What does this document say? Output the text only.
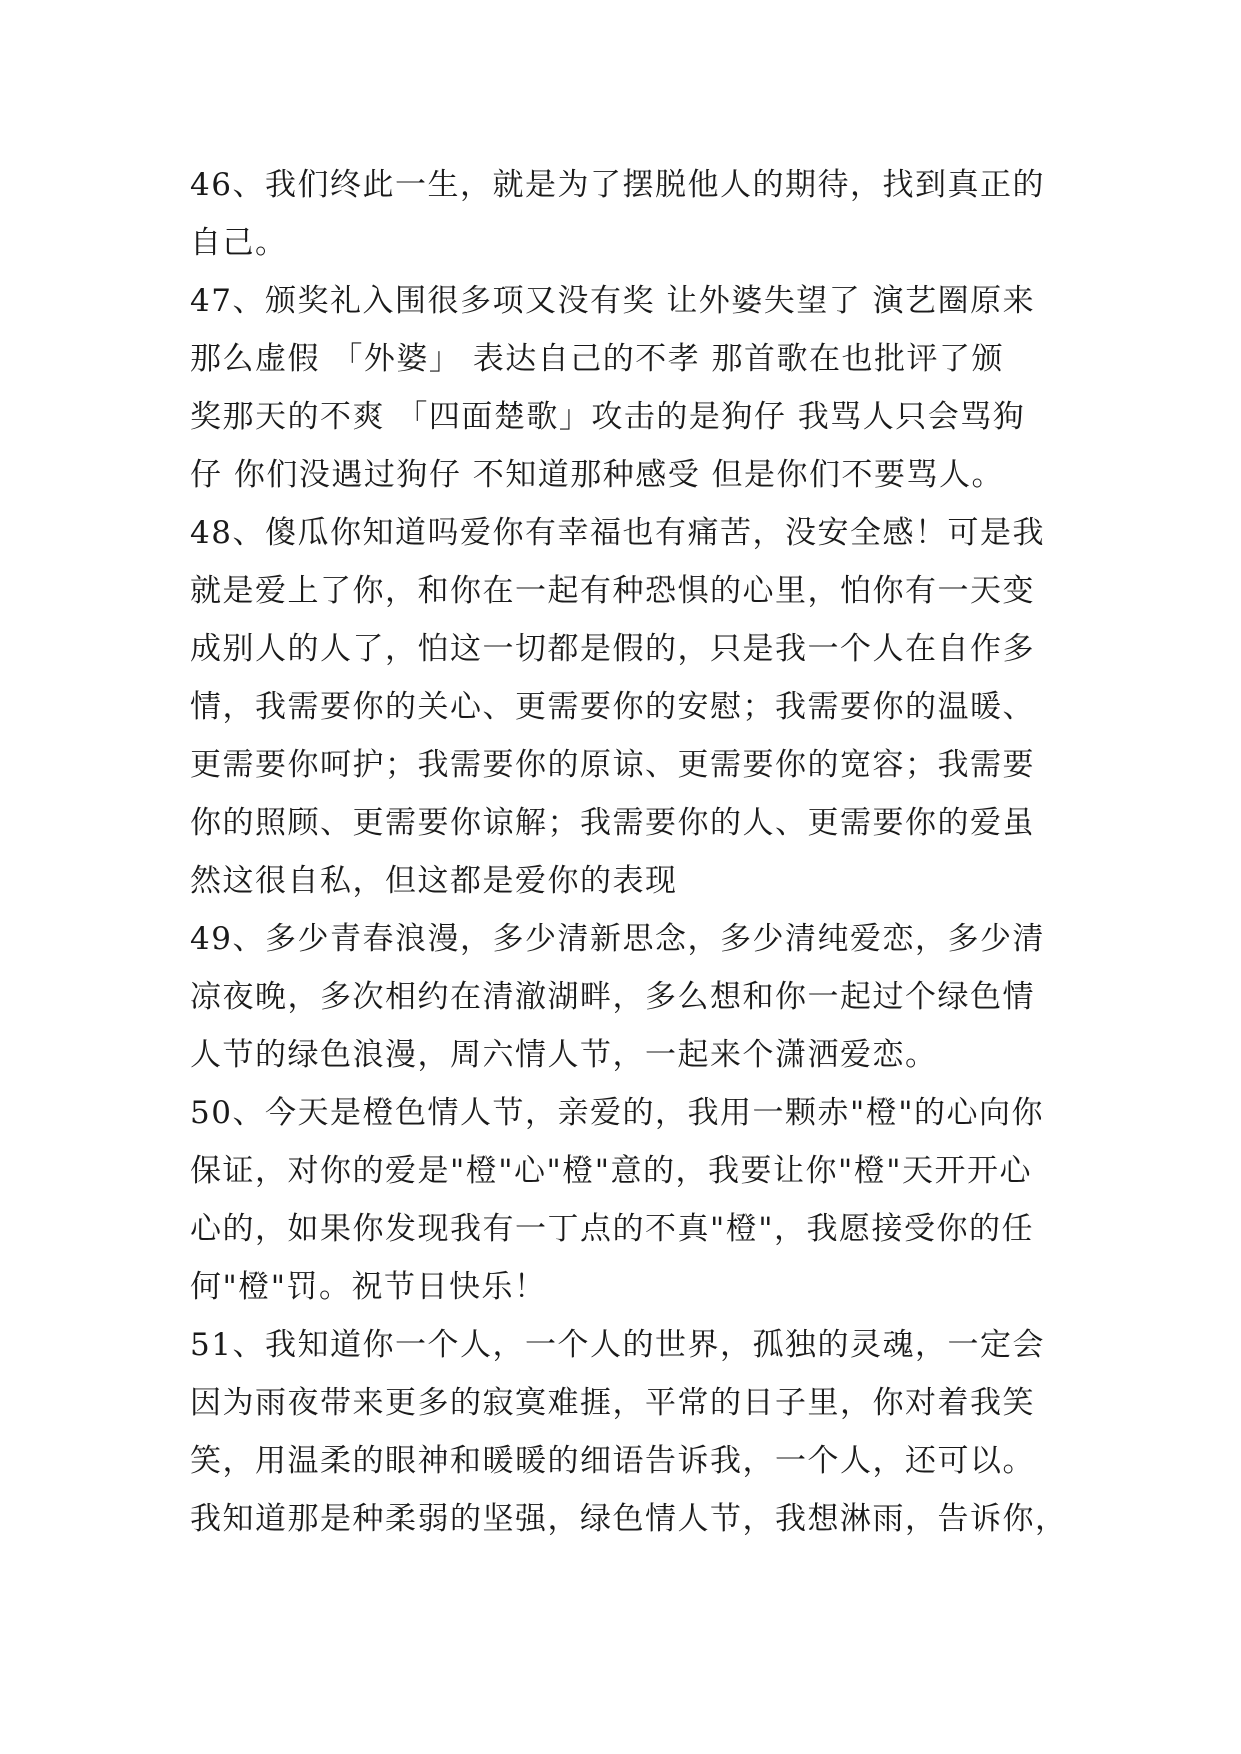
46、我们终此一生，就是为了摆脱他人的期待，找到真正的
自己。
47、颁奖礼入围很多项又没有奖 让外婆失望了 演艺圈原来
那么虚假 「外婆」 表达自己的不孝 那首歌在也批评了颁
奖那天的不爽 「四面楚歌」攻击的是狗仔 我骂人只会骂狗
仔 你们没遇过狗仔 不知道那种感受 但是你们不要骂人。
48、傻瓜你知道吗爱你有幸福也有痛苦，没安全感！可是我
就是爱上了你，和你在一起有种恐惧的心里，怕你有一天变
成别人的人了，怕这一切都是假的，只是我一个人在自作多
情，我需要你的关心、更需要你的安慰；我需要你的温暖、
更需要你呵护；我需要你的原谅、更需要你的宽容；我需要
你的照顾、更需要你谅解；我需要你的人、更需要你的爱虽
然这很自私，但这都是爱你的表现
49、多少青春浪漫，多少清新思念，多少清纯爱恋，多少清
凉夜晚，多次相约在清澈湖畔，多么想和你一起过个绿色情
人节的绿色浪漫，周六情人节，一起来个潇洒爱恋。
50、今天是橙色情人节，亲爱的，我用一颗赤"橙"的心向你
保证，对你的爱是"橙"心"橙"意的，我要让你"橙"天开开心
心的，如果你发现我有一丁点的不真"橙"，我愿接受你的任
何"橙"罚。祝节日快乐！
51、我知道你一个人，一个人的世界，孤独的灵魂，一定会
因为雨夜带来更多的寂寞难捱，平常的日子里，你对着我笑
笑，用温柔的眼神和暖暖的细语告诉我，一个人，还可以。
我知道那是种柔弱的坚强，绿色情人节，我想淋雨，告诉你，
